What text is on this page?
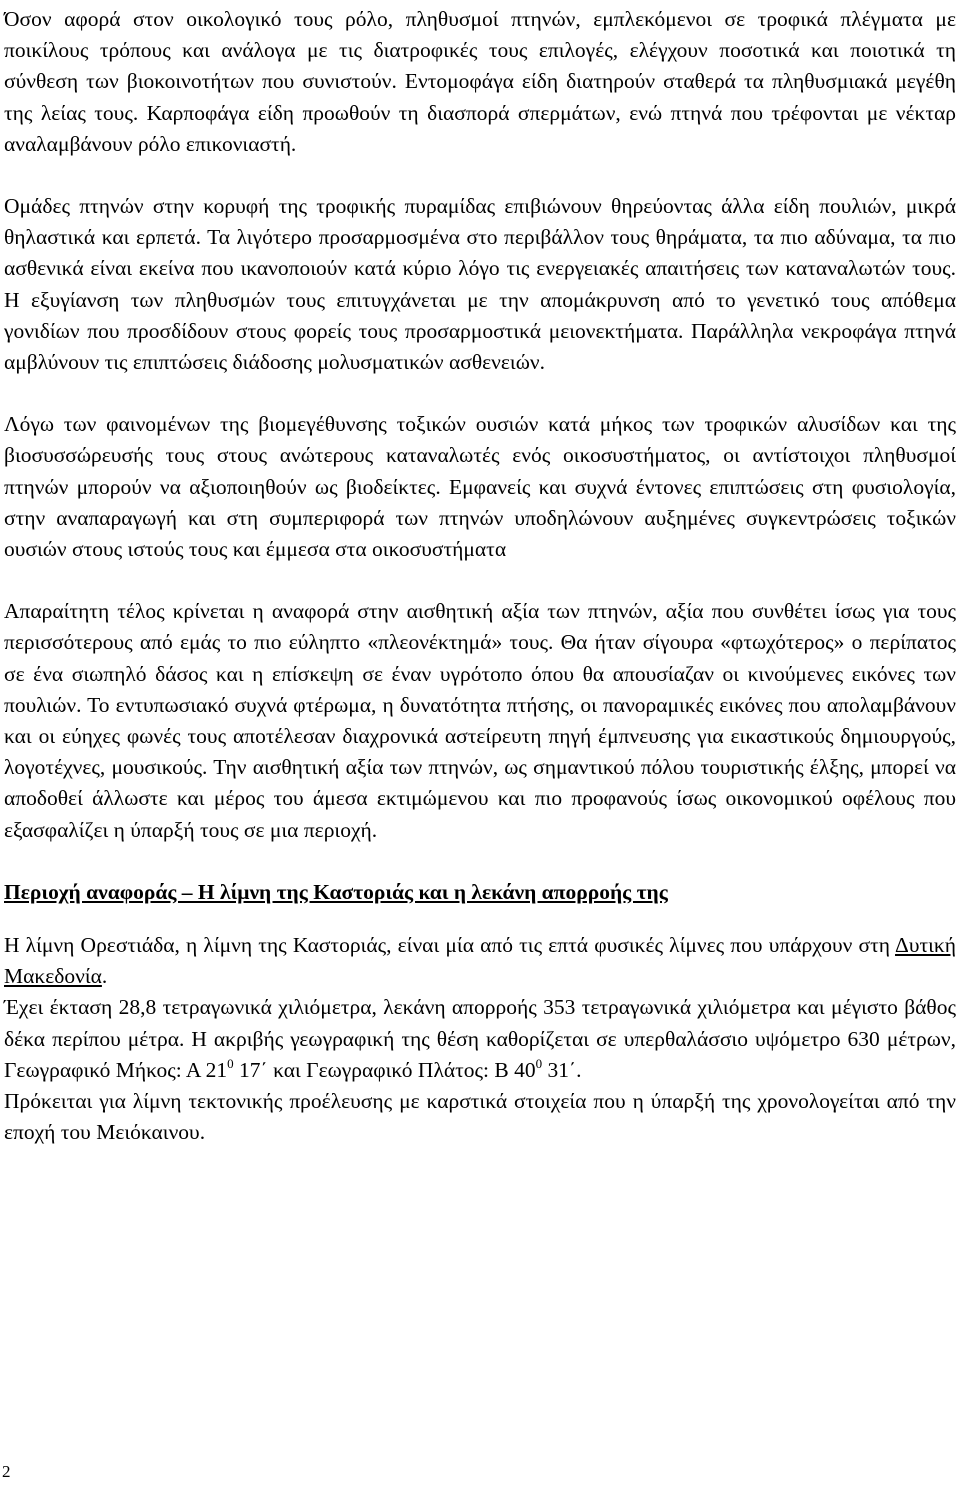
Όσον αφορά στον οικολογικό τους ρόλο, πληθυσμοί πτηνών, εμπλεκόμενοι σε τροφικά πλέγματα με ποικίλους τρόπους και ανάλογα με τις διατροφικές τους επιλογές, ελέγχουν ποσοτικά και ποιοτικά τη σύνθεση των βιοκοινοτήτων που συνιστούν. Εντομοφάγα είδη διατηρούν σταθερά τα πληθυσμιακά μεγέθη της λείας τους. Καρποφάγα είδη προωθούν τη διασπορά σπερμάτων, ενώ πτηνά που τρέφονται με νέκταρ αναλαμβάνουν ρόλο επικονιαστή.

Ομάδες πτηνών στην κορυφή της τροφικής πυραμίδας επιβιώνουν θηρεύοντας άλλα είδη πουλιών, μικρά θηλαστικά και ερπετά. Τα λιγότερο προσαρμοσμένα στο περιβάλλον τους θηράματα, τα πιο αδύναμα, τα πιο ασθενικά είναι εκείνα που ικανοποιούν κατά κύριο λόγο τις ενεργειακές απαιτήσεις των καταναλωτών τους. Η εξυγίανση των πληθυσμών τους επιτυγχάνεται με την απομάκρυνση από το γενετικό τους απόθεμα γονιδίων που προσδίδουν στους φορείς τους προσαρμοστικά μειονεκτήματα. Παράλληλα νεκροφάγα πτηνά αμβλύνουν τις επιπτώσεις διάδοσης μολυσματικών ασθενειών.

Λόγω των φαινομένων της βιομεγέθυνσης τοξικών ουσιών κατά μήκος των τροφικών αλυσίδων και της βιοσυσσώρευσής τους στους ανώτερους καταναλωτές ενός οικοσυστήματος, οι αντίστοιχοι πληθυσμοί πτηνών μπορούν να αξιοποιηθούν ως βιοδείκτες. Εμφανείς και συχνά έντονες επιπτώσεις στη φυσιολογία, στην αναπαραγωγή και στη συμπεριφορά των πτηνών υποδηλώνουν αυξημένες συγκεντρώσεις τοξικών ουσιών στους ιστούς τους και έμμεσα στα οικοσυστήματα

Απαραίτητη τέλος κρίνεται η αναφορά στην αισθητική αξία των πτηνών, αξία που συνθέτει ίσως για τους περισσότερους από εμάς το πιο εύληπτο «πλεονέκτημά» τους. Θα ήταν σίγουρα «φτωχότερος» ο περίπατος σε ένα σιωπηλό δάσος και η επίσκεψη σε έναν υγρότοπο όπου θα απουσίαζαν οι κινούμενες εικόνες των πουλιών. Το εντυπωσιακό συχνά φτέρωμα, η δυνατότητα πτήσης, οι πανοραμικές εικόνες που απολαμβάνουν και οι εύηχες φωνές τους αποτέλεσαν διαχρονικά αστείρευτη πηγή έμπνευσης για εικαστικούς δημιουργούς, λογοτέχνες, μουσικούς. Την αισθητική αξία των πτηνών, ως σημαντικού πόλου τουριστικής έλξης, μπορεί να αποδοθεί άλλωστε και μέρος του άμεσα εκτιμώμενου και πιο προφανούς ίσως οικονομικού οφέλους που εξασφαλίζει η ύπαρξή τους σε μια περιοχή.

Περιοχή αναφοράς – Η λίμνη της Καστοριάς και η λεκάνη απορροής της

Η λίμνη Ορεστιάδα, η λίμνη της Καστοριάς, είναι μία από τις επτά φυσικές λίμνες που υπάρχουν στη Δυτική Μακεδονία.

Έχει έκταση 28,8 τετραγωνικά χιλιόμετρα, λεκάνη απορροής 353 τετραγωνικά χιλιόμετρα και μέγιστο βάθος δέκα περίπου μέτρα. Η ακριβής γεωγραφική της θέση καθορίζεται σε υπερθαλάσσιο υψόμετρο 630 μέτρων, Γεωγραφικό Μήκος: Α $21^0$ 17΄ και Γεωγραφικό Πλάτος: Β $40^0$ 31΄.

Πρόκειται για λίμνη τεκτονικής προέλευσης με καρστικά στοιχεία που η ύπαρξή της χρονολογείται από την εποχή του Μειόκαινου.

2
